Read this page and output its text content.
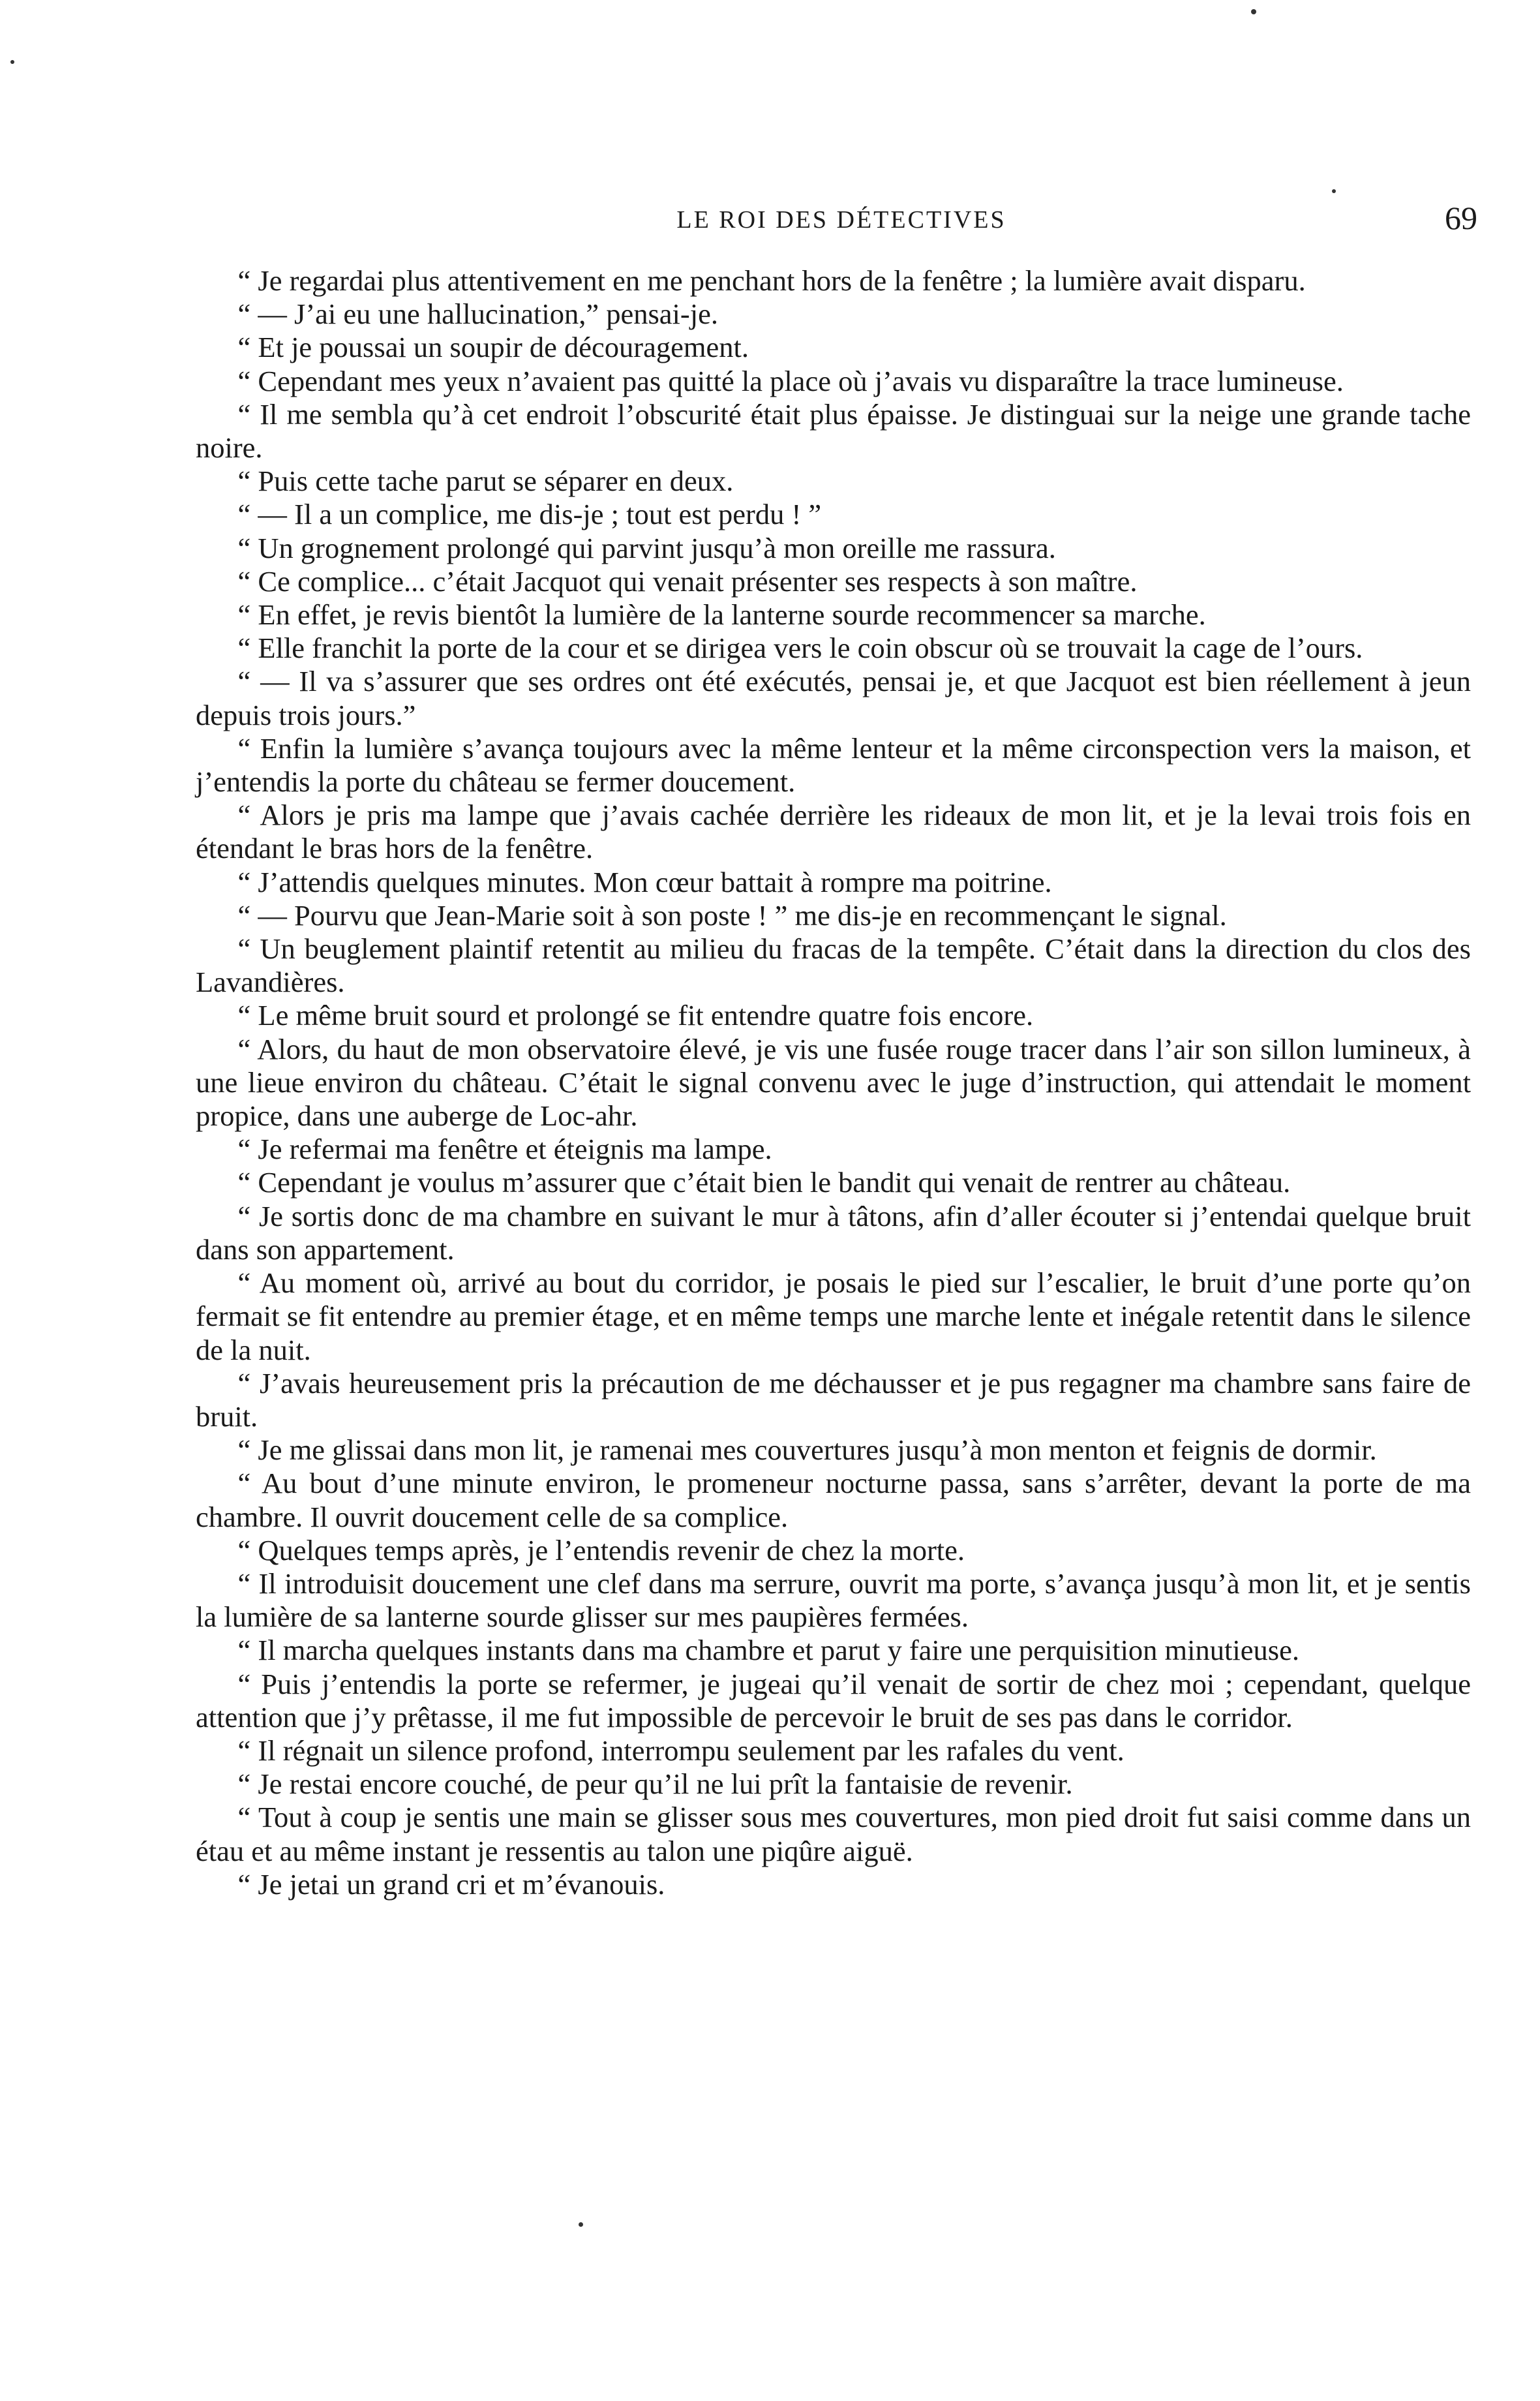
LE ROI DES DÉTECTIVES	69

“ Je regardai plus attentivement en me penchant hors de la fenêtre ; la lumière avait disparu.

“ — J’ai eu une hallucination,” pensai-je.

“ Et je poussai un soupir de découragement.

“ Cependant mes yeux n’avaient pas quitté la place où j’avais vu disparaître la trace lumineuse.

“ Il me sembla qu’à cet endroit l’obscurité était plus épaisse. Je distinguai sur la neige une grande tache noire.

“ Puis cette tache parut se séparer en deux.

“ — Il a un complice, me dis-je ; tout est perdu ! ”

“ Un grognement prolongé qui parvint jusqu’à mon oreille me rassura.

“ Ce complice... c’était Jacquot qui venait présenter ses respects à son maître.

“ En effet, je revis bientôt la lumière de la lanterne sourde recommencer sa marche.

“ Elle franchit la porte de la cour et se dirigea vers le coin obscur où se trouvait la cage de l’ours.

“ — Il va s’assurer que ses ordres ont été exécutés, pensai je, et que Jacquot est bien réellement à jeun depuis trois jours.”

“ Enfin la lumière s’avança toujours avec la même lenteur et la même circonspection vers la maison, et j’entendis la porte du château se fermer doucement.

“ Alors je pris ma lampe que j’avais cachée derrière les rideaux de mon lit, et je la levai trois fois en étendant le bras hors de la fenêtre.

“ J’attendis quelques minutes. Mon cœur battait à rompre ma poitrine.

“ — Pourvu que Jean-Marie soit à son poste ! ” me dis-je en recommençant le signal.

“ Un beuglement plaintif retentit au milieu du fracas de la tempête. C’était dans la direction du clos des Lavandières.

“ Le même bruit sourd et prolongé se fit entendre quatre fois encore.

“ Alors, du haut de mon observatoire élevé, je vis une fusée rouge tracer dans l’air son sillon lumineux, à une lieue environ du château. C’était le signal convenu avec le juge d’instruction, qui attendait le moment propice, dans une auberge de Loc-ahr.

“ Je refermai ma fenêtre et éteignis ma lampe.

“ Cependant je voulus m’assurer que c’était bien le bandit qui venait de rentrer au château.

“ Je sortis donc de ma chambre en suivant le mur à tâtons, afin d’aller écouter si j’entendai quelque bruit dans son appartement.

“ Au moment où, arrivé au bout du corridor, je posais le pied sur l’escalier, le bruit d’une porte qu’on fermait se fit entendre au premier étage, et en même temps une marche lente et inégale retentit dans le silence de la nuit.

“ J’avais heureusement pris la précaution de me déchausser et je pus regagner ma chambre sans faire de bruit.

“ Je me glissai dans mon lit, je ramenai mes couvertures jusqu’à mon menton et feignis de dormir.

“ Au bout d’une minute environ, le promeneur nocturne passa, sans s’arrêter, devant la porte de ma chambre. Il ouvrit doucement celle de sa complice.

“ Quelques temps après, je l’entendis revenir de chez la morte.

“ Il introduisit doucement une clef dans ma serrure, ouvrit ma porte, s’avança jusqu’à mon lit, et je sentis la lumière de sa lanterne sourde glisser sur mes paupières fermées.

“ Il marcha quelques instants dans ma chambre et parut y faire une perquisition minutieuse.

“ Puis j’entendis la porte se refermer, je jugeai qu’il venait de sortir de chez moi ; cependant, quelque attention que j’y prêtasse, il me fut impossible de percevoir le bruit de ses pas dans le corridor.

“ Il régnait un silence profond, interrompu seulement par les rafales du vent.

“ Je restai encore couché, de peur qu’il ne lui prît la fantaisie de revenir.

“ Tout à coup je sentis une main se glisser sous mes couvertures, mon pied droit fut saisi comme dans un étau et au même instant je ressentis au talon une piqûre aiguë.

“ Je jetai un grand cri et m’évanouis.
